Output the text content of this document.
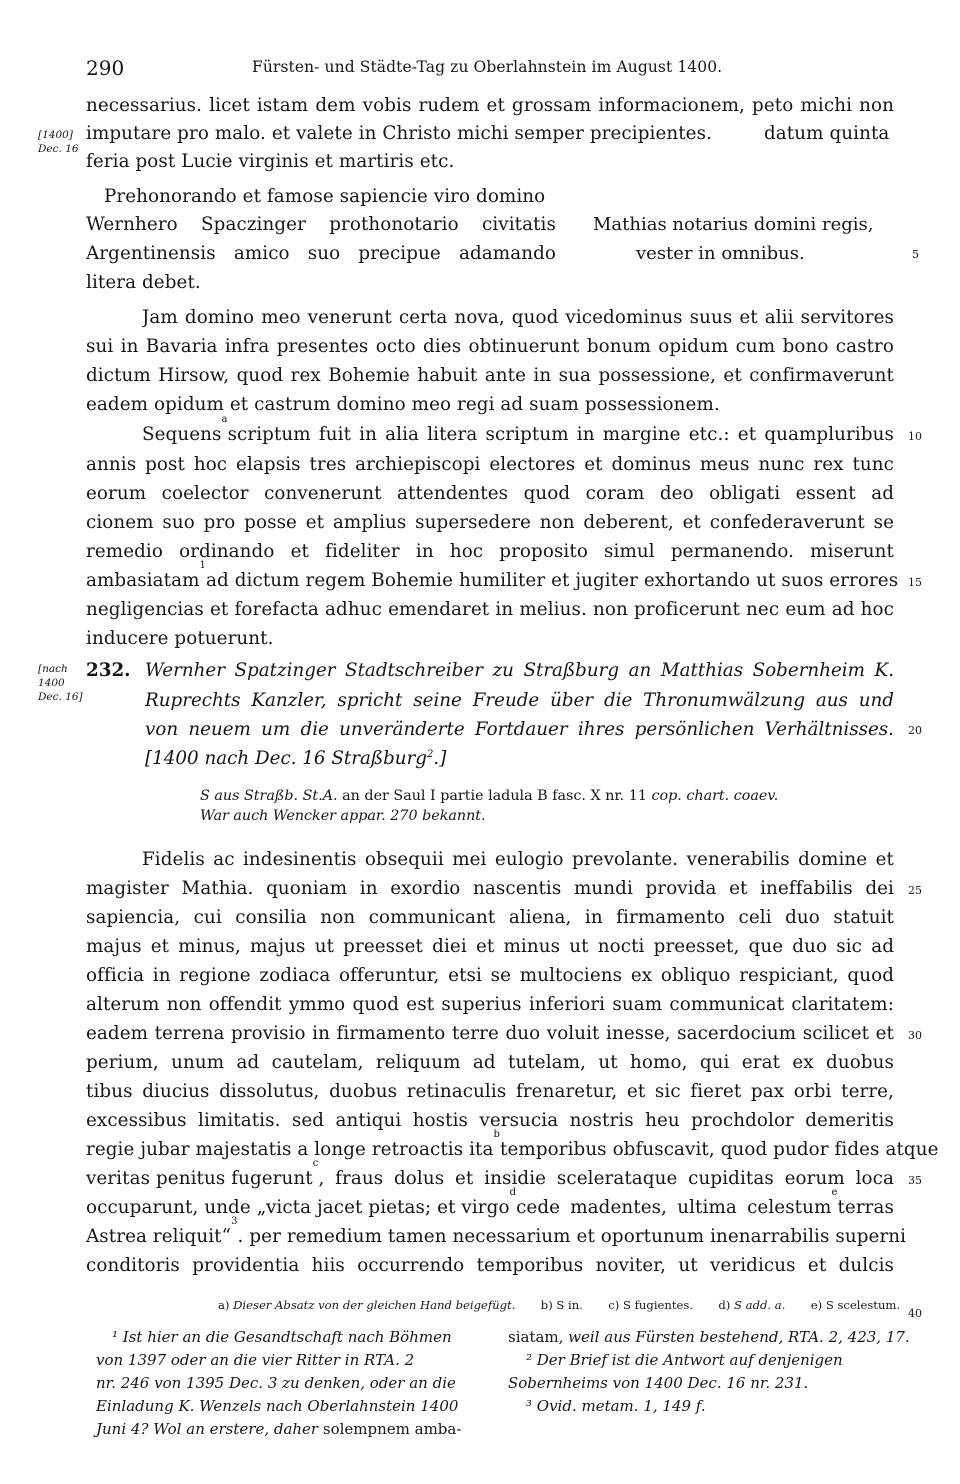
290	Fürsten- und Städte-Tag zu Oberlahnstein im August 1400.
[1400]
Dec. 16
necessarius. licet istam dem vobis rudem et grossam informacionem, peto michi non
imputare pro malo. et valete in Christo michi semper precipientes.	datum quinta
feria post Lucie virginis et martiris etc.
Prehonorando et famose sapiencie viro domino
Wernhero Spaczinger prothonotario civitatis
Argentinensis amico suo precipue adamando
litera debet.
Mathias notarius domini regis,
vester in omnibus.
Jam domino meo venerunt certa nova, quod vicedominus suus et alii servitores
sui in Bavaria infra presentes octo dies obtinuerunt bonum opidum cum bono castro
dictum Hirsow, quod rex Bohemie habuit ante in sua possessione, et confirmaverunt
eadem opidum et castrum domino meo regi ad suam possessionem.
Sequens
a
scriptum fuit in alia litera scriptum in margine etc.: et quampluribus
annis post hoc elapsis tres archiepiscopi electores et dominus meus nunc rex tunc
eorum coelector convenerunt attendentes quod coram deo obligati essent ad
cionem suo pro posse et amplius supersedere non deberent, et confederaverunt se
remedio ordinando et fideliter in hoc proposito simul permanendo. miserunt
ambasiatam
1
ad dictum regem Bohemie humiliter et jugiter exhortando ut suos errores
negligencias et forefacta adhuc emendaret in melius. non proficerunt nec eum ad hoc
inducere potuerunt.
[nach
1400
Dec. 16]
232. Wernher Spatzinger Stadtschreiber zu Straßburg an Matthias Sobernheim K.
Ruprechts Kanzler, spricht seine Freude über die Thronumwälzung aus und
von neuem um die unveränderte Fortdauer ihres persönlichen Verhältnisses.
[1400 nach Dec. 16 Straßburg$^2$.]
S aus Straßb. St.A. an der Saul I partie ladula B fasc. X nr. 11 cop. chart. coaev.
War auch Wencker appar. 270 bekannt.
Fidelis ac indesinentis obsequii mei eulogio prevolante. venerabilis domine et
magister Mathia. quoniam in exordio nascentis mundi provida et ineffabilis dei
sapiencia, cui consilia non communicant aliena, in firmamento celi duo statuit
majus et minus, majus ut preesset diei et minus ut nocti preesset, que duo sic ad
officia in regione zodiaca offeruntur, etsi se multociens ex obliquo respiciant, quod
alterum non offendit ymmo quod est superius inferiori suam communicat claritatem:
eadem terrena provisio in firmamento terre duo voluit inesse, sacerdocium scilicet et
perium, unum ad cautelam, reliquum ad tutelam, ut homo, qui erat ex duobus
tibus diucius dissolutus, duobus retinaculis frenaretur, et sic fieret pax orbi terre,
excessibus limitatis. sed antiqui hostis versucia nostris heu prochdolor demeritis
regie jubar majestatis a longe retroactis ita
b
temporibus obfuscavit, quod pudor fides atque
veritas penitus fugerunt
c
, fraus dolus et insidie scelerataque cupiditas eorum loca
occuparunt, unde „victa jacet pietas; et virgo
d
cede madentes, ultima celestum
e
terras
Astrea reliquit“
3
. per remedium tamen necessarium et oportunum inenarrabilis superni
conditoris providentia hiis occurrendo temporibus noviter, ut veridicus et dulcis
5
10
15
20
25
30
35
40
a) Dieser Absatz von der gleichen Hand beigefügt. b) S in. c) S fugientes. d) S add. a. e) S scelestum.
¹ Ist hier an die Gesandtschaft nach Böhmen
von 1397 oder an die vier Ritter in RTA. 2
nr. 246 von 1395 Dec. 3 zu denken, oder an die
Einladung K. Wenzels nach Oberlahnstein 1400
Juni 4? Wol an erstere, daher solempnem amba-
siatam, weil aus Fürsten bestehend, RTA. 2, 423, 17.
² Der Brief ist die Antwort auf denjenigen
Sobernheims von 1400 Dec. 16 nr. 231.
³ Ovid. metam. 1, 149 f.
